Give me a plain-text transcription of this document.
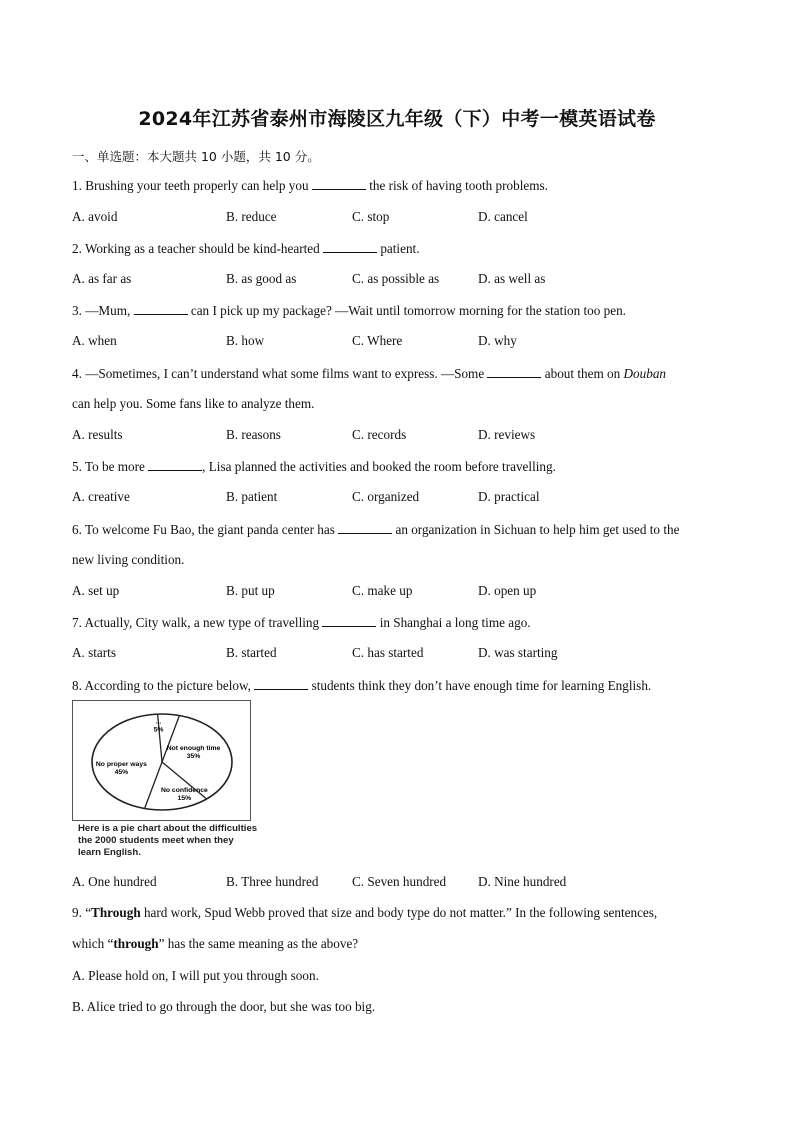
2024年江苏省泰州市海陵区九年级（下）中考一模英语试卷
一、单选题：本大题共 10 小题，共 10 分。
1. Brushing your teeth properly can help you	the risk of having tooth problems.
A. avoid	B. reduce	C. stop	D. cancel
2. Working as a teacher should be kind-hearted	patient.
A. as far as	B. as good as	C. as possible as	D. as well as
3. —Mum,	can I pick up my package? —Wait until tomorrow morning for the station too pen.
A. when	B. how	C. Where	D. why
4. —Sometimes, I can’t understand what some films want to express. —Some	about them on Douban
can help you. Some fans like to analyze them.
A. results	B. reasons	C. records	D. reviews
5. To be more	, Lisa planned the activities and booked the room before travelling.
A. creative	B. patient	C. organized	D. practical
6. To welcome Fu Bao, the giant panda center has	an organization in Sichuan to help him get used to the
new living condition.
A. set up	B. put up	C. make up	D. open up
7. Actually, City walk, a new type of travelling	in Shanghai a long time ago.
A. starts	B. started	C. has started	D. was starting
8. According to the picture below,	students think they don’t have enough time for learning English.
...
5%
Not enough time
35%
No confidence
15%
No proper ways
45%
Here is a pie chart about the difficulties the 2000 students meet when they learn English.
A. One hundred	B. Three hundred	C. Seven hundred D. Nine hundred
9. “Through hard work, Spud Webb proved that size and body type do not matter.” In the following sentences,
which “through” has the same meaning as the above?
A. Please hold on, I will put you through soon.
B. Alice tried to go through the door, but she was too big.
